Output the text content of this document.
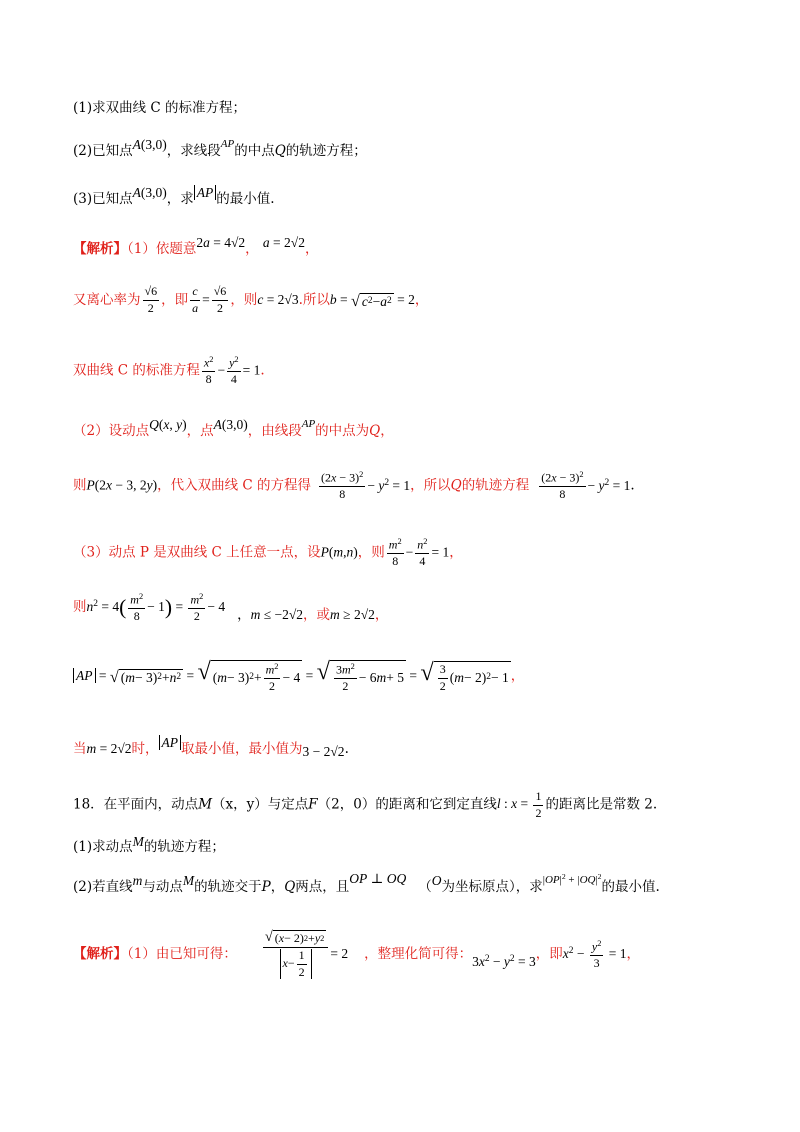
(1)求双曲线 C 的标准方程；
(2)已知点A(3,0)，求线段$^{AP}$的中点Q的轨迹方程；
(3)已知点A(3,0)，求 AP 的最小值.
【解析】（1）依题意2a = 4√2， a = 2√2，
又离心率为 $\frac{√6}{2}$ ，即 $\frac{c}{a} = \frac{√6}{2}$ ，则c = 2√3.所以b = √ c 2 − a 2 = 2，
双曲线 C 的标准方程 $\frac{x^2}{8} - \frac{y^2}{4} = 1$.
（2）设动点Q(x, y)，点A(3,0)，由线段$^{AP}$的中点为Q，
则P(2x − 3, 2y)，代入双曲线 C 的方程得 $\frac{(2x - 3)^2}{8} - y^2 = 1$，所以Q的轨迹方程 $\frac{(2x - 3)^2}{8} - y^2 = 1$.
（3）动点 P 是双曲线 C 上任意一点，设P(m,n)，则 $\frac{m^2}{8} - \frac{n^2}{4} = 1$，
则$n^2 = 4( \frac{m^2}{8} - 1) = \frac{m^2}{2} - 4$，m ≤ −2√2，或m ≥ 2√2，
AP = √ ( m − 3) 2 + n 2 = √ ( m − 3) $2 + \frac{m^2}{2} - 4$ = √ $\frac{3m^2}{2} - 6$ m + 5 = √ $\frac{3}{2}$ ( m − 2) 2 − 1 ，
当m = 2√2时， AP 取最小值，最小值为3 − 2√2.
18．在平面内，动点M（x，y）与定点F（2，0）的距离和它到定直线l : $x = \frac{1}{2}$ 的距离比是常数 2.
(1)求动点M的轨迹方程；
(2)若直线m与动点M的轨迹交于P，Q两点，且OP ⊥ OQ（O为坐标原点），求$^{|OP|^2 + |OQ|^2}$的最小值.
【解析】（1）由已知可得： $\frac{√ ( x - 2) 2 + y 2}{x - \frac{1}{2}} = 2$ ，整理化简可得：$3x^2 - y^2 = 3$，即$x^2 - \frac{y^2}{3} = 1$，
